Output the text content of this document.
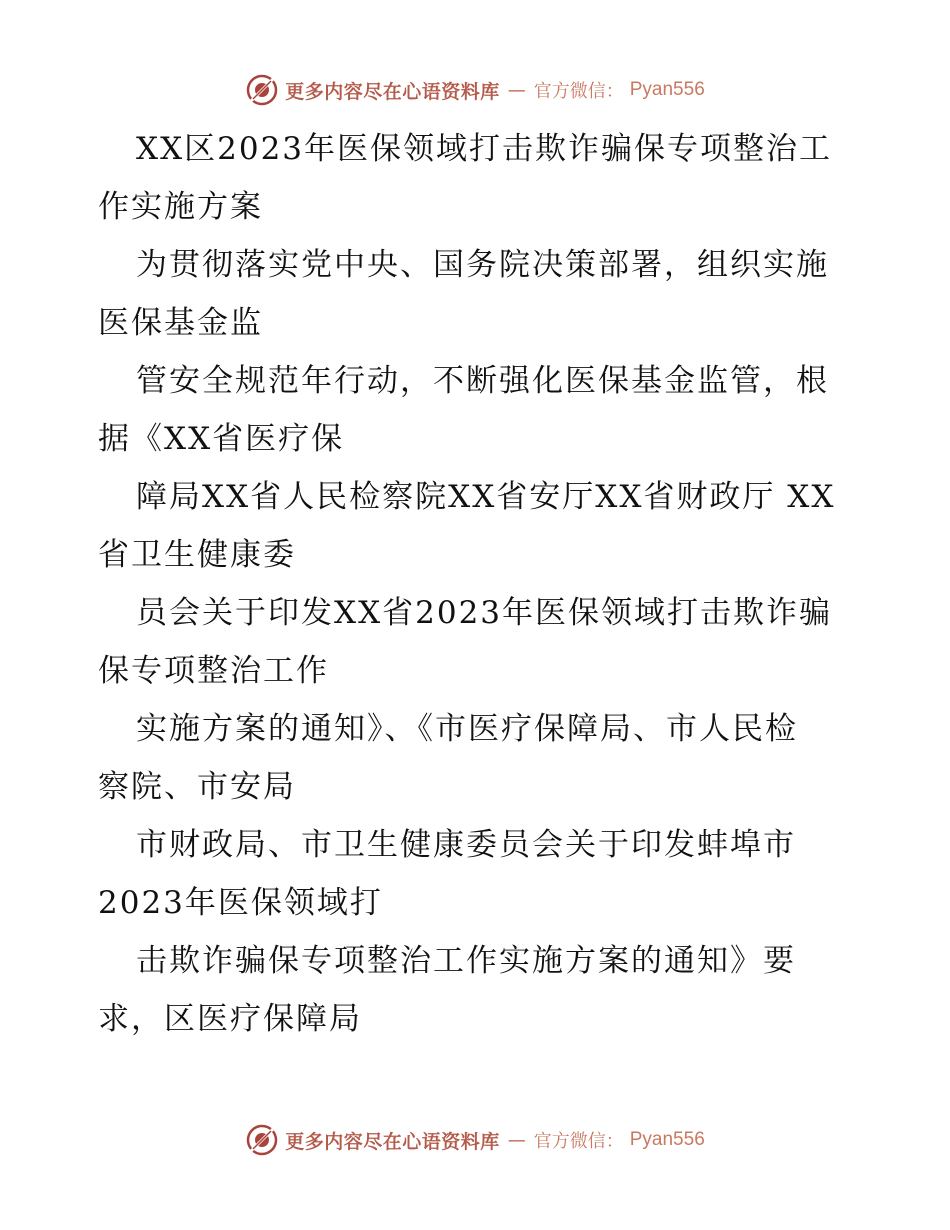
更多内容尽在心语资料库 — 官方微信： Pyan556
XX区2023年医保领域打击欺诈骗保专项整治工
作实施方案
为贯彻落实党中央、国务院决策部署，组织实施
医保基金监
管安全规范年行动，不断强化医保基金监管，根
据《XX省医疗保
障局XX省人民检察院XX省安厅XX省财政厅 XX
省卫生健康委
员会关于印发XX省2023年医保领域打击欺诈骗
保专项整治工作
实施方案的通知》、《市医疗保障局、市人民检
察院、市安局
市财政局、市卫生健康委员会关于印发蚌埠市
2023年医保领域打
击欺诈骗保专项整治工作实施方案的通知》要
求，区医疗保障局
更多内容尽在心语资料库 — 官方微信： Pyan556
